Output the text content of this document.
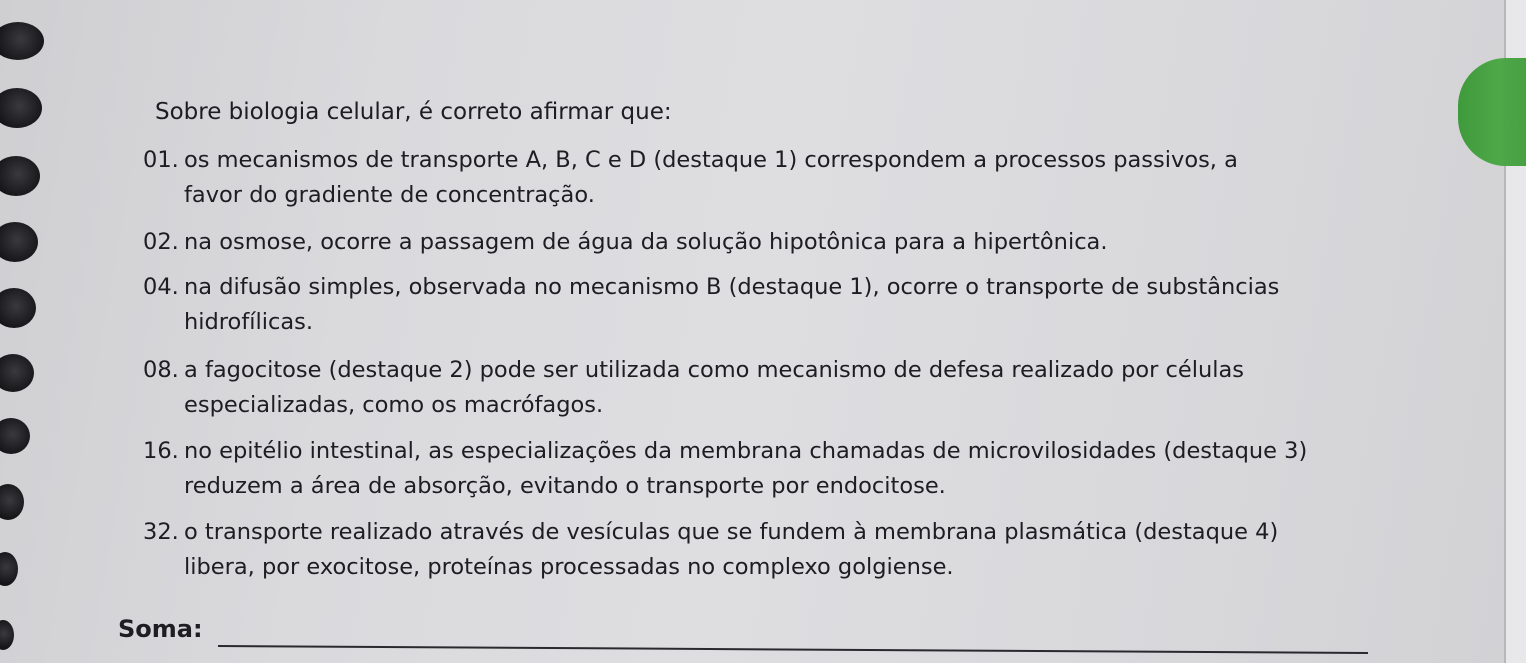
Sobre biologia celular, é correto afirmar que:
01. os mecanismos de transporte A, B, C e D (destaque 1) correspondem a processos passivos, a
favor do gradiente de concentração.
02. na osmose, ocorre a passagem de água da solução hipotônica para a hipertônica.
04. na difusão simples, observada no mecanismo B (destaque 1), ocorre o transporte de substâncias
hidrofílicas.
08. a fagocitose (destaque 2) pode ser utilizada como mecanismo de defesa realizado por células
especializadas, como os macrófagos.
16. no epitélio intestinal, as especializações da membrana chamadas de microvilosidades (destaque 3)
reduzem a área de absorção, evitando o transporte por endocitose.
32. o transporte realizado através de vesículas que se fundem à membrana plasmática (destaque 4)
libera, por exocitose, proteínas processadas no complexo golgiense.
Soma:
